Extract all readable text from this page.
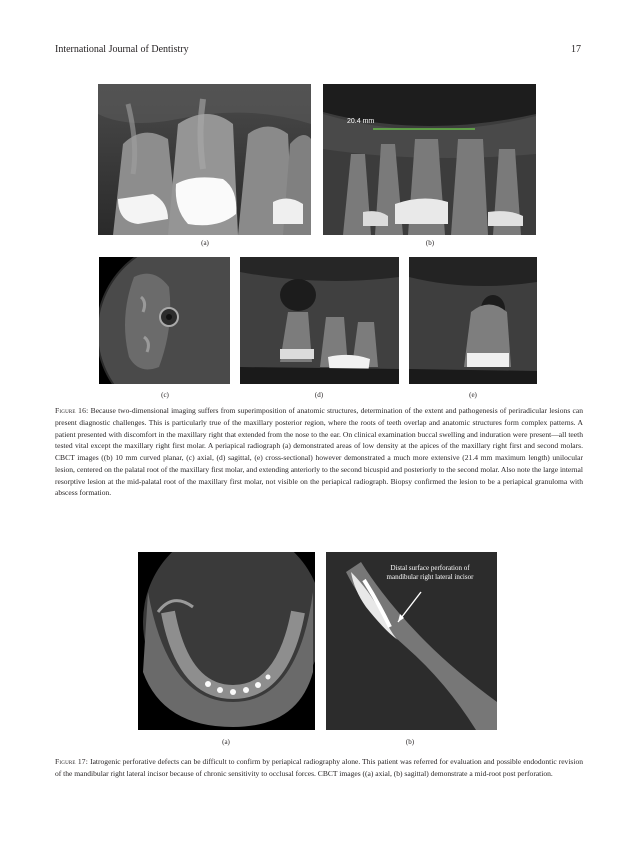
International Journal of Dentistry	17
(a)
20.4 mm
(b)
(c)	(d)	(e)

Figure 16: Because two-dimensional imaging suffers from superimposition of anatomic structures, determination of the extent and pathogenesis of periradicular lesions can present diagnostic challenges. This is particularly true of the maxillary posterior region, where the roots of teeth overlap and anatomic structures form complex patterns. A patient presented with discomfort in the maxillary right that extended from the nose to the ear. On clinical examination buccal swelling and induration were present—all teeth tested vital except the maxillary right first molar. A periapical radiograph (a) demonstrated areas of low density at the apices of the maxillary right first and second molars. CBCT images ((b) 10 mm curved planar, (c) axial, (d) sagittal, (e) cross-sectional) however demonstrated a much more extensive (21.4 mm maximum length) unilocular lesion, centered on the palatal root of the maxillary first molar, and extending anteriorly to the second bicuspid and posteriorly to the second molar. Also note the large internal resorptive lesion at the mid-palatal root of the maxillary first molar, not visible on the periapical radiograph. Biopsy confirmed the lesion to be a periapical granuloma with abscess formation.

(a)
Distal surface perforation of
mandibular right lateral incisor
(b)

Figure 17: Iatrogenic perforative defects can be difficult to confirm by periapical radiography alone. This patient was referred for evaluation and possible endodontic revision of the mandibular right lateral incisor because of chronic sensitivity to occlusal forces. CBCT images ((a) axial, (b) sagittal) demonstrate a mid-root post perforation.
